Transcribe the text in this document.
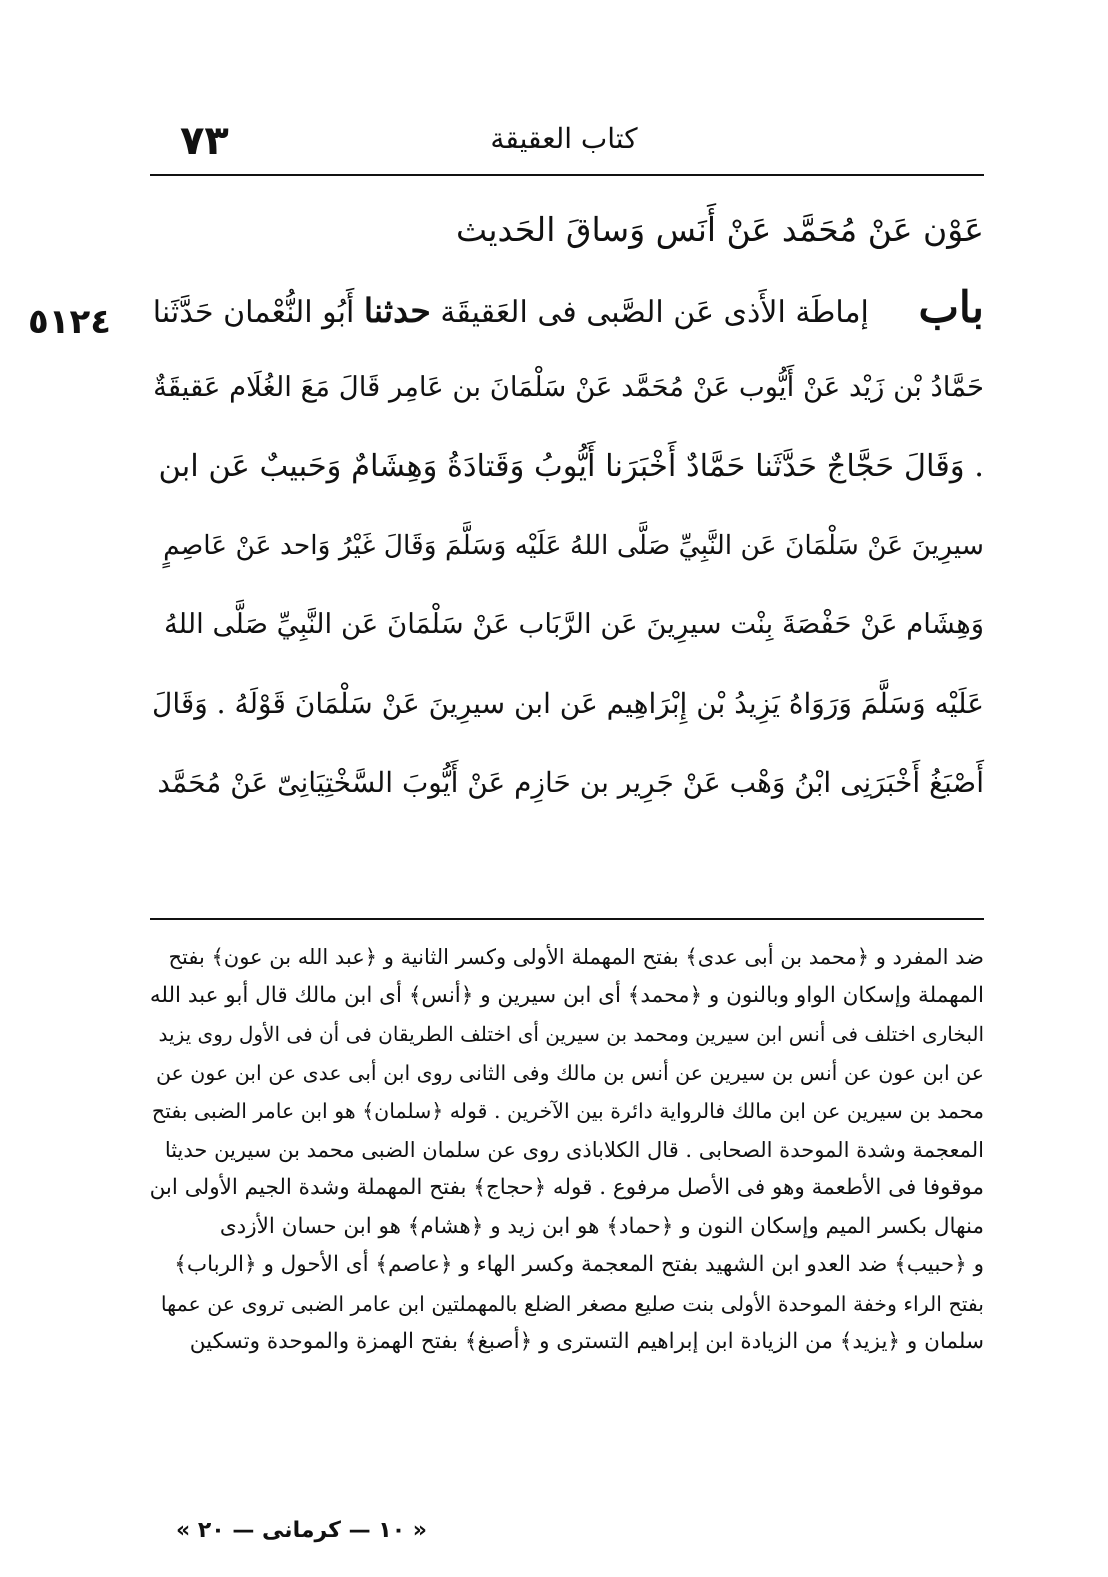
٧٣	كتاب العقيقة
٥١٢٤
عَوْن عَنْ مُحَمَّد عَنْ أَنَس وَساقَ الحَديث
باب إماطَة الأَذى عَن الصَّبى فى العَقيقَة حدثنا أَبُو النُّعْمان حَدَّثَنا
حَمَّادُ بْن زَيْد عَنْ أَيُّوب عَنْ مُحَمَّد عَنْ سَلْمَانَ بن عَامِر قَالَ مَعَ الغُلَام عَقيقَةٌ
. وَقَالَ حَجَّاجٌ حَدَّثَنا حَمَّادٌ أَخْبَرَنا أَيُّوبُ وَقَتادَةُ وَهِشَامٌ وَحَبيبٌ عَن ابن
سيرِينَ عَنْ سَلْمَانَ عَن النَّبِيِّ صَلَّى اللهُ عَلَيْه وَسَلَّمَ وَقَالَ غَيْرُ وَاحد عَنْ عَاصِمٍ
وَهِشَام عَنْ حَفْصَةَ بِنْت سيرِينَ عَن الرَّبَاب عَنْ سَلْمَانَ عَن النَّبِيِّ صَلَّى اللهُ
عَلَيْه وَسَلَّمَ وَرَوَاهُ يَزِيدُ بْن إِبْرَاهِيم عَن ابن سيرِينَ عَنْ سَلْمَانَ قَوْلَهُ . وَقَالَ
أَصْبَغُ أَخْبَرَنِى ابْنُ وَهْب عَنْ جَرِير بن حَازِم عَنْ أَيُّوبَ السَّخْتِيَانِىّ عَنْ مُحَمَّد
ضد المفرد و ﴿محمد بن أبى عدى﴾ بفتح المهملة الأولى وكسر الثانية و ﴿عبد الله بن عون﴾ بفتح
المهملة وإسكان الواو وبالنون و ﴿محمد﴾ أى ابن سيرين و ﴿أنس﴾ أى ابن مالك قال أبو عبد الله
البخارى اختلف فى أنس ابن سيرين ومحمد بن سيرين أى اختلف الطريقان فى أن فى الأول روى يزيد
عن ابن عون عن أنس بن سيرين عن أنس بن مالك وفى الثانى روى ابن أبى عدى عن ابن عون عن
محمد بن سيرين عن ابن مالك فالرواية دائرة بين الآخرين . قوله ﴿سلمان﴾ هو ابن عامر الضبى بفتح
المعجمة وشدة الموحدة الصحابى . قال الكلاباذى روى عن سلمان الضبى محمد بن سيرين حديثا
موقوفا فى الأطعمة وهو فى الأصل مرفوع . قوله ﴿حجاج﴾ بفتح المهملة وشدة الجيم الأولى ابن
منهال بكسر الميم وإسكان النون و ﴿حماد﴾ هو ابن زيد و ﴿هشام﴾ هو ابن حسان الأزدى
و ﴿حبيب﴾ ضد العدو ابن الشهيد بفتح المعجمة وكسر الهاء و ﴿عاصم﴾ أى الأحول و ﴿الرباب﴾
بفتح الراء وخفة الموحدة الأولى بنت صليع مصغر الضلع بالمهملتين ابن عامر الضبى تروى عن عمها
سلمان و ﴿يزيد﴾ من الزيادة ابن إبراهيم التسترى و ﴿أصبغ﴾ بفتح الهمزة والموحدة وتسكين
« ١٠ — كرمانى — ٢٠ »
